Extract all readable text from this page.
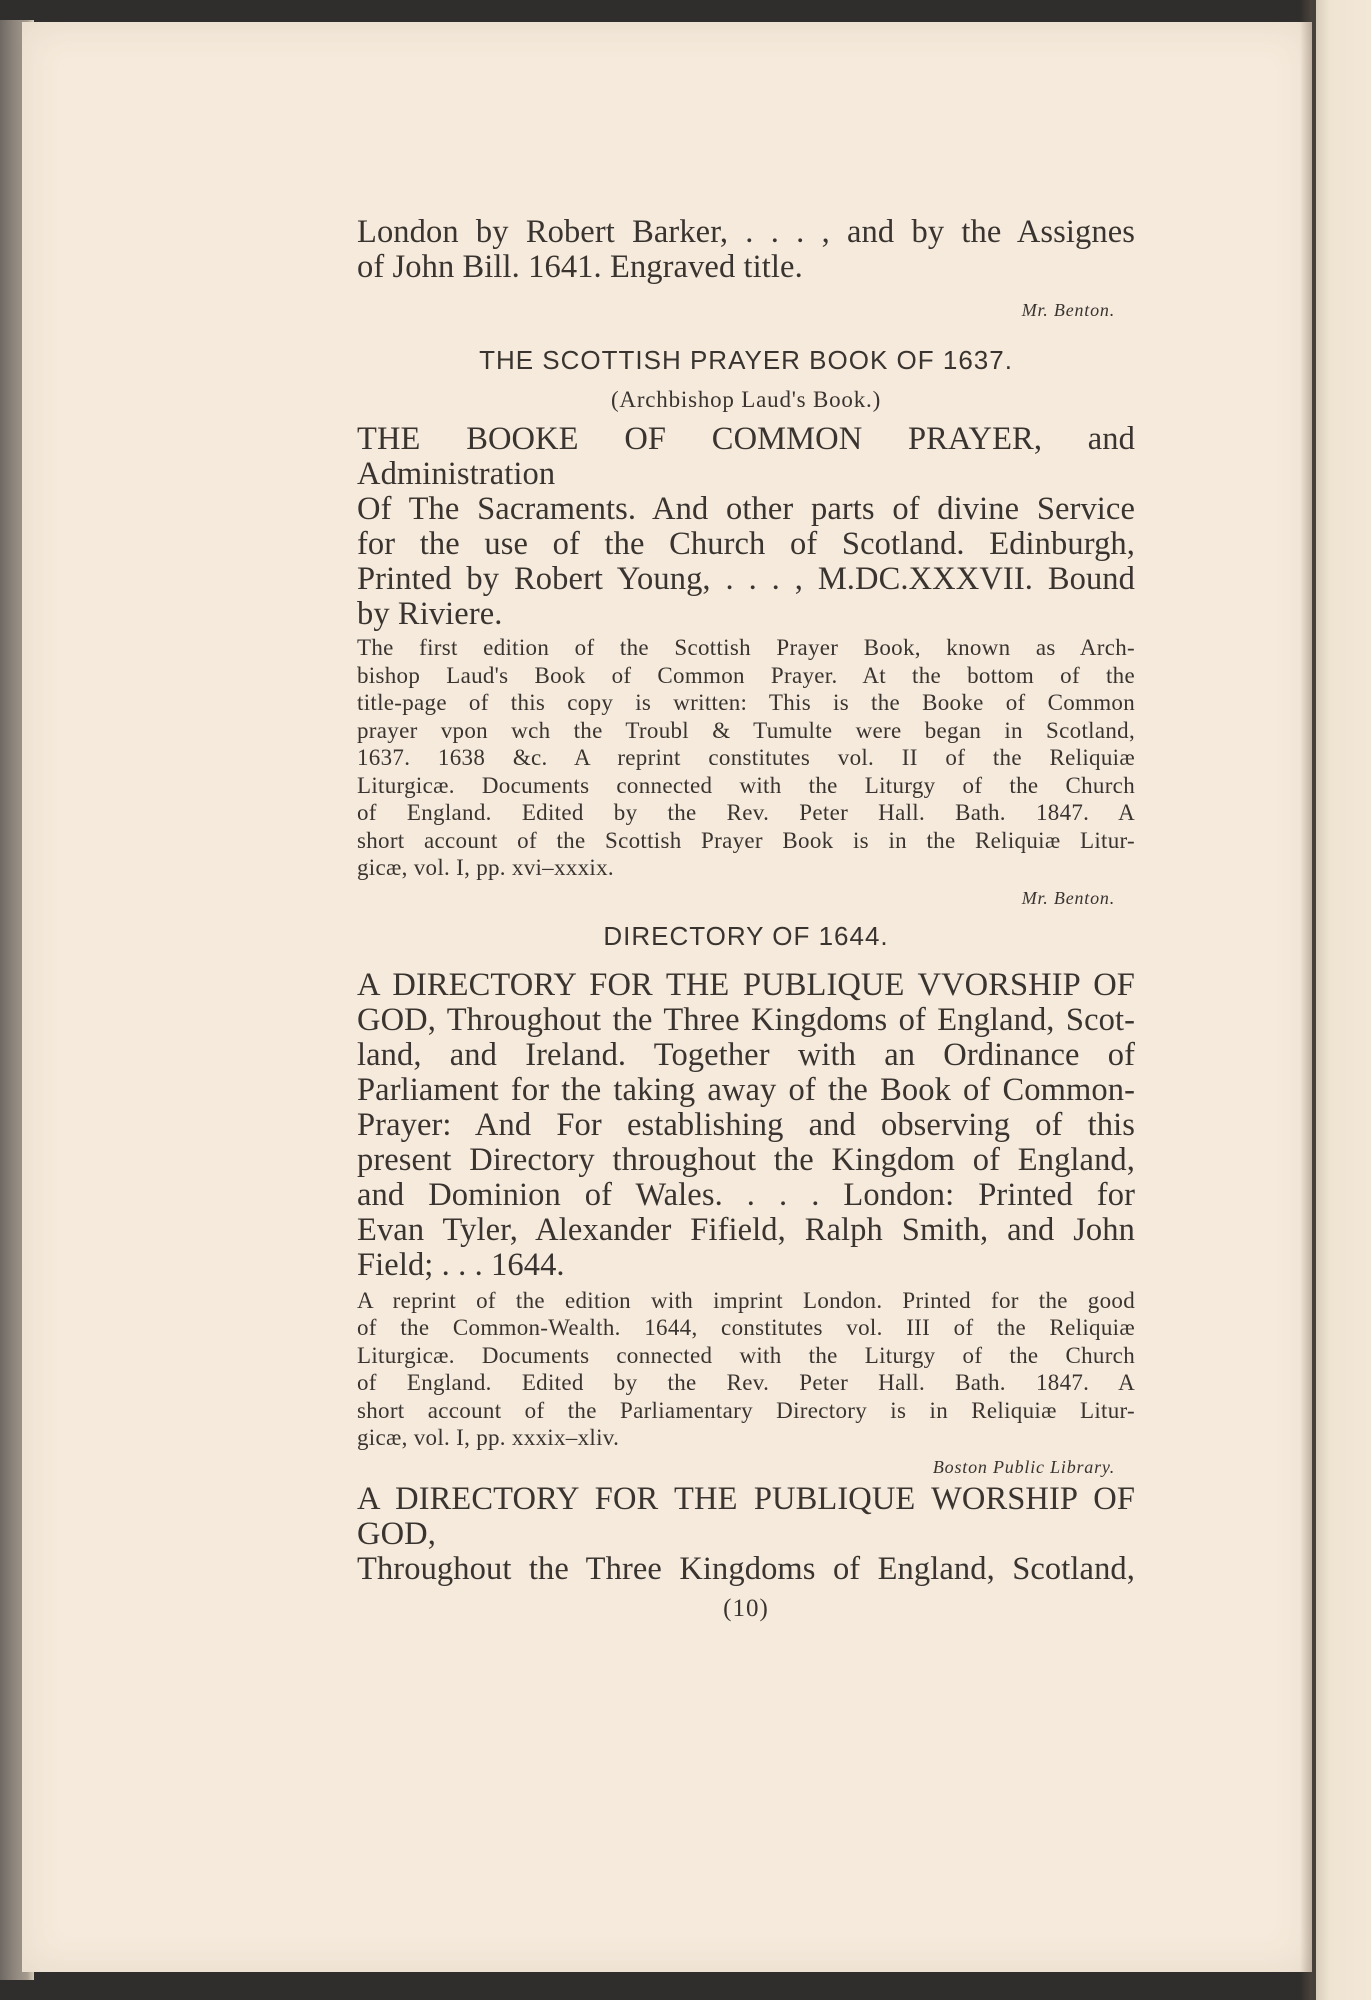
London by Robert Barker, . . . , and by the Assignes

of John Bill. 1641. Engraved title.

Mr. Benton.

THE SCOTTISH PRAYER BOOK OF 1637.

(Archbishop Laud's Book.)

THE BOOKE OF COMMON PRAYER, and Administration

Of The Sacraments. And other parts of divine Service

for the use of the Church of Scotland. Edinburgh,

Printed by Robert Young, . . . , M.DC.XXXVII. Bound

by Riviere.

The first edition of the Scottish Prayer Book, known as Arch-

bishop Laud's Book of Common Prayer. At the bottom of the

title-page of this copy is written: This is the Booke of Common

prayer vpon wch the Troubl & Tumulte were began in Scotland,

1637. 1638 &c. A reprint constitutes vol. II of the Reliquiæ

Liturgicæ. Documents connected with the Liturgy of the Church

of England. Edited by the Rev. Peter Hall. Bath. 1847. A

short account of the Scottish Prayer Book is in the Reliquiæ Litur-

gicæ, vol. I, pp. xvi–xxxix.

Mr. Benton.

DIRECTORY OF 1644.

A DIRECTORY FOR THE PUBLIQUE VVORSHIP OF

GOD, Throughout the Three Kingdoms of England, Scot-

land, and Ireland. Together with an Ordinance of

Parliament for the taking away of the Book of Common-

Prayer: And For establishing and observing of this

present Directory throughout the Kingdom of England,

and Dominion of Wales. . . . London: Printed for

Evan Tyler, Alexander Fifield, Ralph Smith, and John

Field; . . . 1644.

A reprint of the edition with imprint London. Printed for the good

of the Common-Wealth. 1644, constitutes vol. III of the Reliquiæ

Liturgicæ. Documents connected with the Liturgy of the Church

of England. Edited by the Rev. Peter Hall. Bath. 1847. A

short account of the Parliamentary Directory is in Reliquiæ Litur-

gicæ, vol. I, pp. xxxix–xliv.

Boston Public Library.

A DIRECTORY FOR THE PUBLIQUE WORSHIP OF GOD,

Throughout the Three Kingdoms of England, Scotland,

(10)
